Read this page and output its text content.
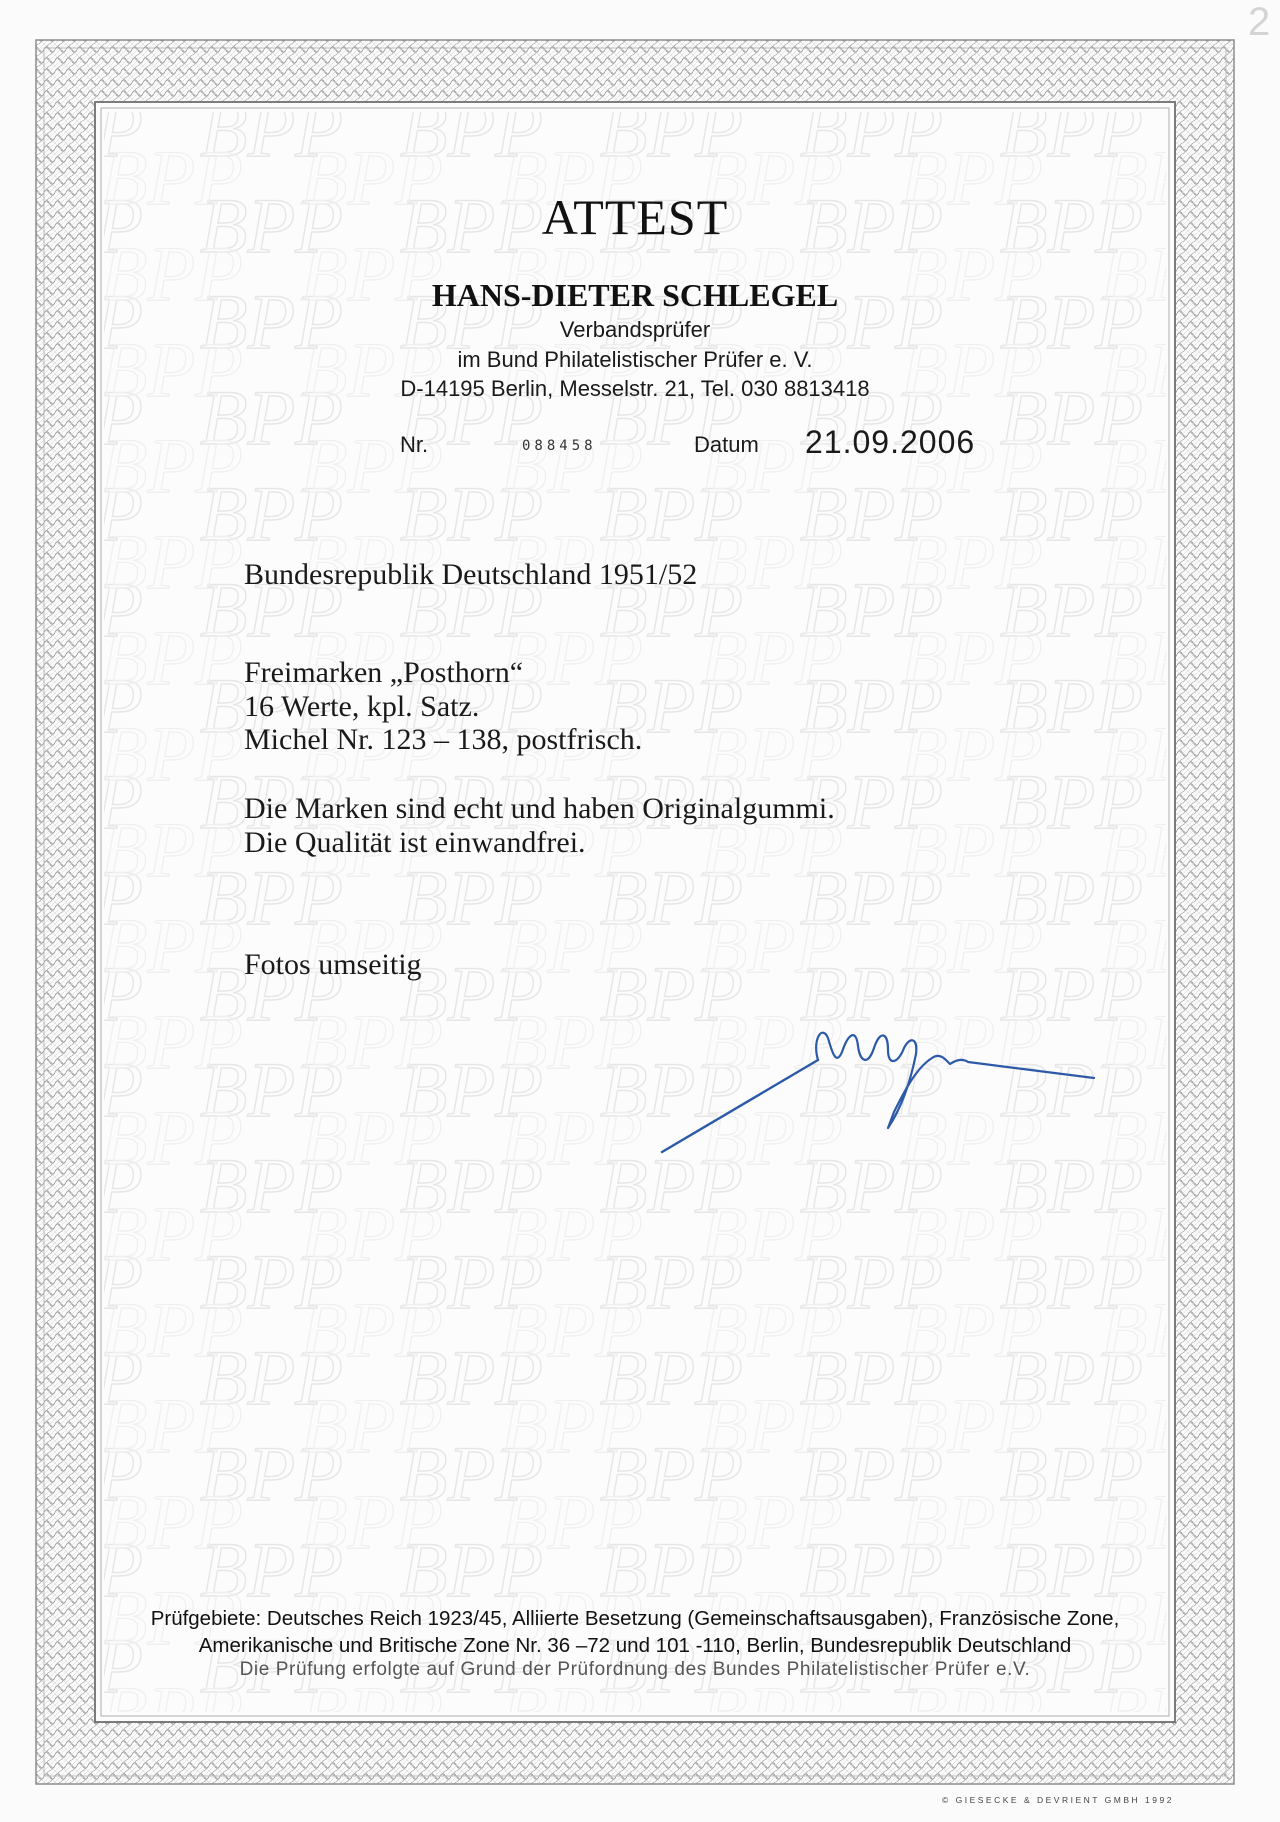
2
ATTEST
HANS-DIETER SCHLEGEL
Verbandsprüfer
im Bund Philatelistischer Prüfer e. V.
D-14195 Berlin, Messelstr. 21, Tel. 030 8813418
Nr.	088458	Datum 21.09.2006
Bundesrepublik Deutschland 1951/52
Freimarken „Posthorn“
16 Werte, kpl. Satz.
Michel Nr. 123 – 138, postfrisch.
Die Marken sind echt und haben Originalgummi.
Die Qualität ist einwandfrei.
Fotos umseitig
Prüfgebiete: Deutsches Reich 1923/45, Alliierte Besetzung (Gemeinschaftsausgaben), Französische Zone,
Amerikanische und Britische Zone Nr. 36 –72 und 101 -110, Berlin, Bundesrepublik Deutschland
Die Prüfung erfolgte auf Grund der Prüfordnung des Bundes Philatelistischer Prüfer e.V.
© GIESECKE & DEVRIENT GMBH 1992
